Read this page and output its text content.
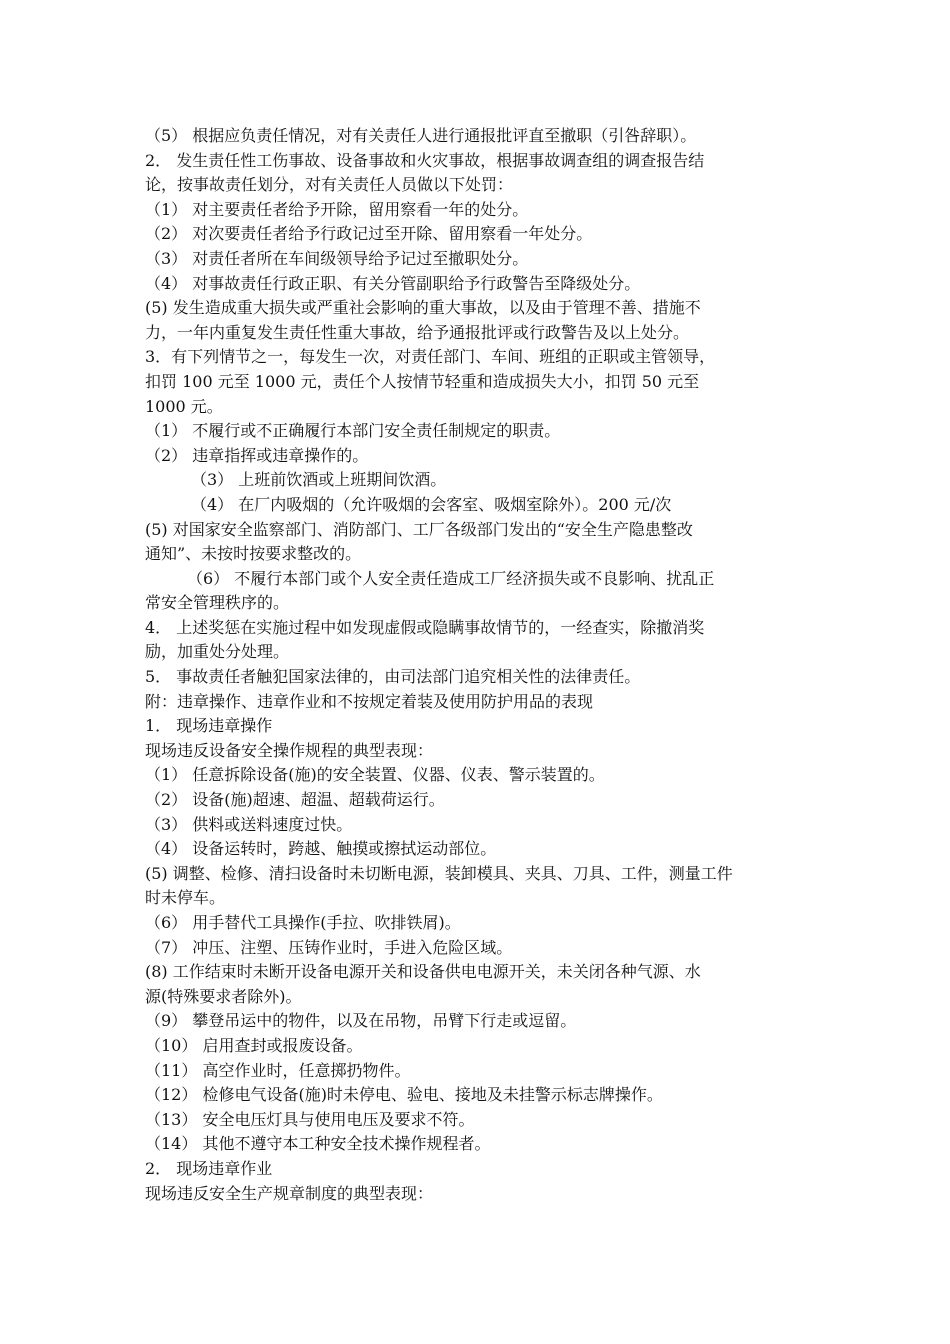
（5） 根据应负责任情况，对有关责任人进行通报批评直至撤职（引咎辞职）。
2． 发生责任性工伤事故、设备事故和火灾事故，根据事故调查组的调查报告结
论，按事故责任划分，对有关责任人员做以下处罚：
（1） 对主要责任者给予开除，留用察看一年的处分。
（2） 对次要责任者给予行政记过至开除、留用察看一年处分。
（3） 对责任者所在车间级领导给予记过至撤职处分。
（4） 对事故责任行政正职、有关分管副职给予行政警告至降级处分。
(5) 发生造成重大损失或严重社会影响的重大事故，以及由于管理不善、措施不
力，一年内重复发生责任性重大事故，给予通报批评或行政警告及以上处分。
3．有下列情节之一，每发生一次，对责任部门、车间、班组的正职或主管领导，
扣罚 100 元至 1000 元，责任个人按情节轻重和造成损失大小，扣罚 50 元至
1000 元。
（1） 不履行或不正确履行本部门安全责任制规定的职责。
（2） 违章指挥或违章操作的。
（3） 上班前饮酒或上班期间饮酒。
（4） 在厂内吸烟的（允许吸烟的会客室、吸烟室除外）。200 元/次
(5) 对国家安全监察部门、消防部门、工厂各级部门发出的“安全生产隐患整改
通知”、未按时按要求整改的。
（6） 不履行本部门或个人安全责任造成工厂经济损失或不良影响、扰乱正
常安全管理秩序的。
4． 上述奖惩在实施过程中如发现虚假或隐瞒事故情节的，一经查实，除撤消奖
励，加重处分处理。
5． 事故责任者触犯国家法律的，由司法部门追究相关性的法律责任。
附：违章操作、违章作业和不按规定着装及使用防护用品的表现
1． 现场违章操作
现场违反设备安全操作规程的典型表现：
（1） 任意拆除设备(施)的安全装置、仪器、仪表、警示装置的。
（2） 设备(施)超速、超温、超载荷运行。
（3） 供料或送料速度过快。
（4） 设备运转时，跨越、触摸或擦拭运动部位。
(5) 调整、检修、清扫设备时未切断电源，装卸模具、夹具、刀具、工件，测量工件
时未停车。
（6） 用手替代工具操作(手拉、吹排铁屑)。
（7） 冲压、注塑、压铸作业时，手进入危险区域。
(8) 工作结束时未断开设备电源开关和设备供电电源开关，未关闭各种气源、水
源(特殊要求者除外)。
（9） 攀登吊运中的物件，以及在吊物，吊臂下行走或逗留。
（10） 启用查封或报废设备。
（11） 高空作业时，任意掷扔物件。
（12） 检修电气设备(施)时未停电、验电、接地及未挂警示标志牌操作。
（13） 安全电压灯具与使用电压及要求不符。
（14） 其他不遵守本工种安全技术操作规程者。
2． 现场违章作业
现场违反安全生产规章制度的典型表现：
